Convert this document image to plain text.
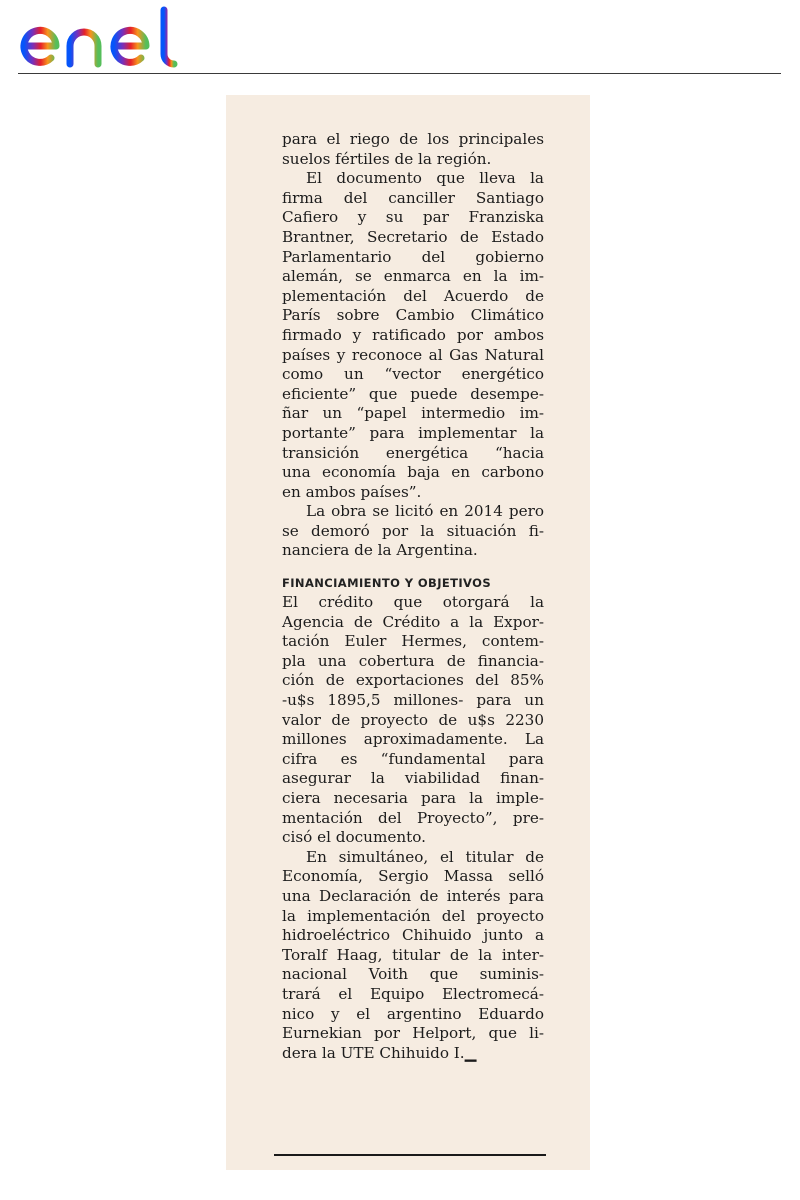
para el riego de los principales
suelos fértiles de la región.
El documento que lleva la
firma del canciller Santiago
Cafiero y su par Franziska
Brantner, Secretario de Estado
Parlamentario del gobierno
alemán, se enmarca en la im-
plementación del Acuerdo de
París sobre Cambio Climático
firmado y ratificado por ambos
países y reconoce al Gas Natural
como un “vector energético
eficiente” que puede desempe-
ñar un “papel intermedio im-
portante” para implementar la
transición energética “hacia
una economía baja en carbono
en ambos países”.
La obra se licitó en 2014 pero
se demoró por la situación fi-
nanciera de la Argentina.
FINANCIAMIENTO Y OBJETIVOS
El crédito que otorgará la
Agencia de Crédito a la Expor-
tación Euler Hermes, contem-
pla una cobertura de financia-
ción de exportaciones del 85%
-u$s 1895,5 millones- para un
valor de proyecto de u$s 2230
millones aproximadamente. La
cifra es “fundamental para
asegurar la viabilidad finan-
ciera necesaria para la imple-
mentación del Proyecto”, pre-
cisó el documento.
En simultáneo, el titular de
Economía, Sergio Massa selló
una Declaración de interés para
la implementación del proyecto
hidroeléctrico Chihuido junto a
Toralf Haag, titular de la inter-
nacional Voith que suminis-
trará el Equipo Electromecá-
nico y el argentino Eduardo
Eurnekian por Helport, que li-
dera la UTE Chihuido I.▁
